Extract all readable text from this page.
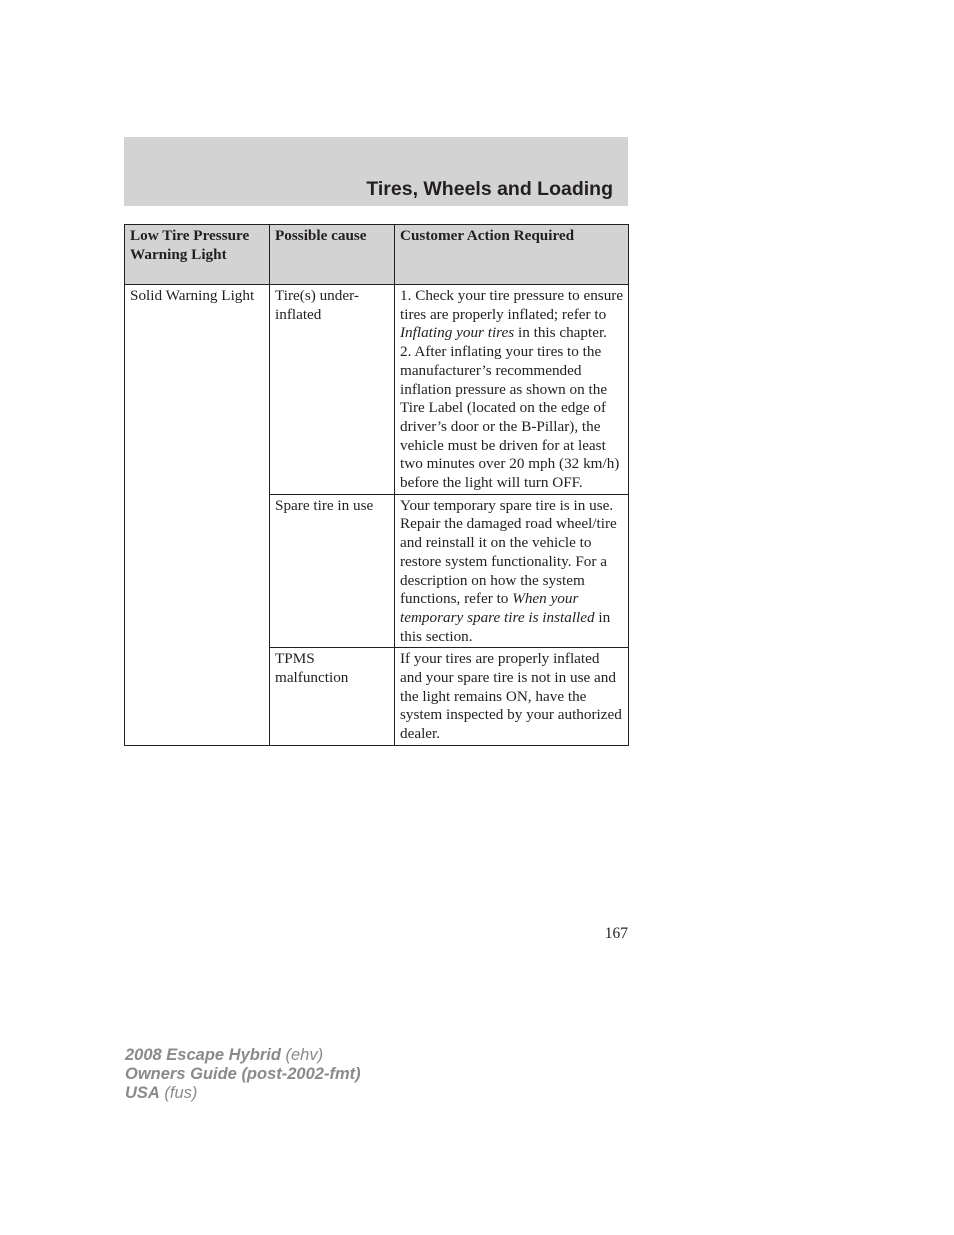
Tires, Wheels and Loading
Low Tire Pressure Warning Light	Possible cause	Customer Action Required
Solid Warning Light	Tire(s) under-inflated	1. Check your tire pressure to ensure tires are properly inflated; refer to Inflating your tires in this chapter.
2. After inflating your tires to the manufacturer’s recommended inflation pressure as shown on the Tire Label (located on the edge of driver’s door or the B-Pillar), the vehicle must be driven for at least two minutes over 20 mph (32 km/h) before the light will turn OFF.
	Spare tire in use	Your temporary spare tire is in use. Repair the damaged road wheel/tire and reinstall it on the vehicle to restore system functionality. For a description on how the system functions, refer to When your temporary spare tire is installed in this section.
	TPMS malfunction	If your tires are properly inflated and your spare tire is not in use and the light remains ON, have the system inspected by your authorized dealer.
167
2008 Escape Hybrid (ehv)
Owners Guide (post-2002-fmt)
USA (fus)
